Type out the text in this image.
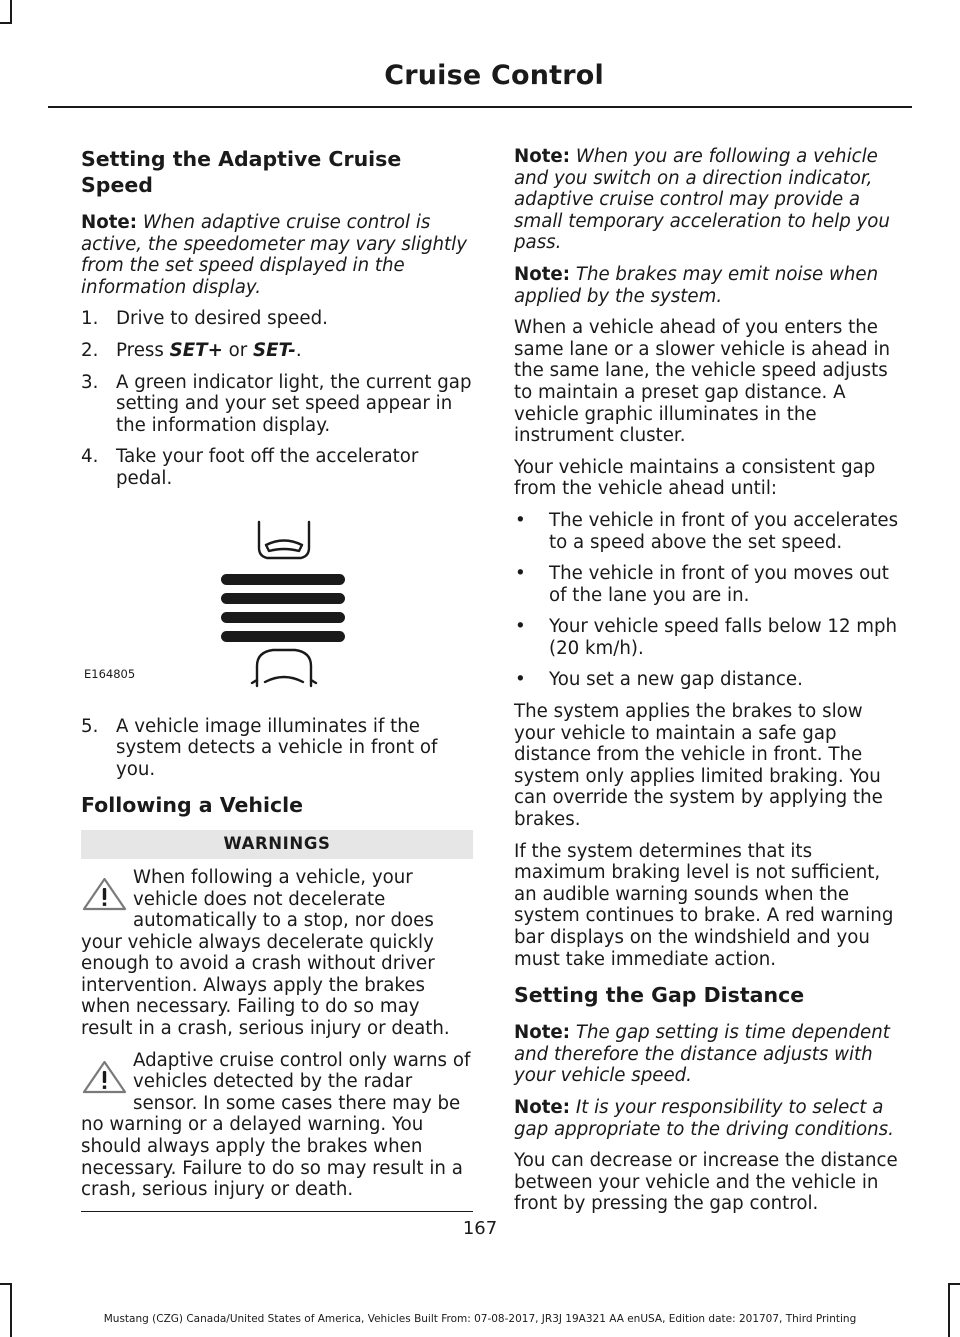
Cruise Control
Setting the Adaptive Cruise Speed

Note: When adaptive cruise control is active, the speedometer may vary slightly from the set speed displayed in the information display.

1. Drive to desired speed.
2. Press SET+ or SET-.
3. A green indicator light, the current gap setting and your set speed appear in the information display.
4. Take your foot off the accelerator pedal.
E164805
5. A vehicle image illuminates if the system detects a vehicle in front of you.
Following a Vehicle
WARNINGS
When following a vehicle, your vehicle does not decelerate automatically to a stop, nor does your vehicle always decelerate quickly enough to avoid a crash without driver intervention. Always apply the brakes when necessary. Failing to do so may result in a crash, serious injury or death.
Adaptive cruise control only warns of vehicles detected by the radar sensor. In some cases there may be no warning or a delayed warning. You should always apply the brakes when necessary. Failure to do so may result in a crash, serious injury or death.

Note: When you are following a vehicle and you switch on a direction indicator, adaptive cruise control may provide a small temporary acceleration to help you pass.

Note: The brakes may emit noise when applied by the system.

When a vehicle ahead of you enters the same lane or a slower vehicle is ahead in the same lane, the vehicle speed adjusts to maintain a preset gap distance. A vehicle graphic illuminates in the instrument cluster.

Your vehicle maintains a consistent gap from the vehicle ahead until:

• The vehicle in front of you accelerates to a speed above the set speed.
• The vehicle in front of you moves out of the lane you are in.
• Your vehicle speed falls below 12 mph (20 km/h).
• You set a new gap distance.

The system applies the brakes to slow your vehicle to maintain a safe gap distance from the vehicle in front. The system only applies limited braking. You can override the system by applying the brakes.

If the system determines that its maximum braking level is not sufficient, an audible warning sounds when the system continues to brake. A red warning bar displays on the windshield and you must take immediate action.

Setting the Gap Distance

Note: The gap setting is time dependent and therefore the distance adjusts with your vehicle speed.

Note: It is your responsibility to select a gap appropriate to the driving conditions.

You can decrease or increase the distance between your vehicle and the vehicle in front by pressing the gap control.

167
Mustang (CZG) Canada/United States of America, Vehicles Built From: 07-08-2017, JR3J 19A321 AA enUSA, Edition date: 201707, Third Printing
